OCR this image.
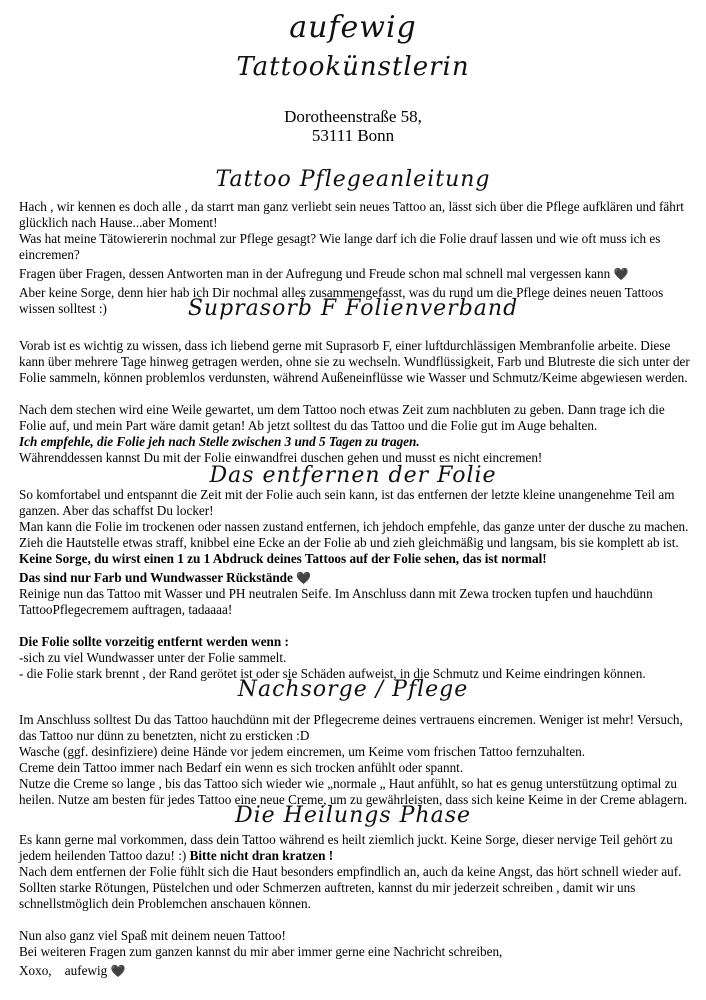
aufewig
Tattookünstlerin
Dorotheenstraße 58,
53111 Bonn
Tattoo Pflegeanleitung

Hach , wir kennen es doch alle , da starrt man ganz verliebt sein neues Tattoo an, lässt sich über die Pflege aufklären und fährt glücklich nach Hause...aber Moment!

Was hat meine Tätowiererin nochmal zur Pflege gesagt? Wie lange darf ich die Folie drauf lassen und wie oft muss ich es eincremen?

Fragen über Fragen, dessen Antworten man in der Aufregung und Freude schon mal schnell mal vergessen kann 🖤

Aber keine Sorge, denn hier hab ich Dir nochmal alles zusammengefasst, was du rund um die Pflege deines neuen Tattoos wissen solltest :)	Suprasorb F Folienverband

Vorab ist es wichtig zu wissen, dass ich liebend gerne mit Suprasorb F, einer luftdurchlässigen Membranfolie arbeite. Diese kann über mehrere Tage hinweg getragen werden, ohne sie zu wechseln. Wundflüssigkeit, Farb und Blutreste die sich unter der Folie sammeln, können problemlos verdunsten, während Außeneinflüsse wie Wasser und Schmutz/Keime abgewiesen werden.

Nach dem stechen wird eine Weile gewartet, um dem Tattoo noch etwas Zeit zum nachbluten zu geben. Dann trage ich die Folie auf, und mein Part wäre damit getan! Ab jetzt solltest du das Tattoo und die Folie gut im Auge behalten.

Ich empfehle, die Folie jeh nach Stelle zwischen 3 und 5 Tagen zu tragen.

Währenddessen kannst Du mit der Folie einwandfrei duschen gehen und musst es nicht eincremen!

Das entfernen der Folie

So komfortabel und entspannt die Zeit mit der Folie auch sein kann, ist das entfernen der letzte kleine unangenehme Teil am ganzen. Aber das schaffst Du locker!

Man kann die Folie im trockenen oder nassen zustand entfernen, ich jehdoch empfehle, das ganze unter der dusche zu machen. Zieh die Hautstelle etwas straff, knibbel eine Ecke an der Folie ab und zieh gleichmäßig und langsam, bis sie komplett ab ist.

Keine Sorge, du wirst einen 1 zu 1 Abdruck deines Tattoos auf der Folie sehen, das ist normal!

Das sind nur Farb und Wundwasser Rückstände 🖤

Reinige nun das Tattoo mit Wasser und PH neutralen Seife. Im Anschluss dann mit Zewa trocken tupfen und hauchdünn TattooPflegecremem auftragen, tadaaaa!

Die Folie sollte vorzeitig entfernt werden wenn :

-sich zu viel Wundwasser unter der Folie sammelt.

- die Folie stark brennt , der Rand gerötet ist oder sie Schäden aufweist, in die Schmutz und Keime eindringen können.

Nachsorge / Pflege

Im Anschluss solltest Du das Tattoo hauchdünn mit der Pflegecreme deines vertrauens eincremen. Weniger ist mehr! Versuch, das Tattoo nur dünn zu benetzten, nicht zu ersticken :D

Wasche (ggf. desinfiziere) deine Hände vor jedem eincremen, um Keime vom frischen Tattoo fernzuhalten.

Creme dein Tattoo immer nach Bedarf ein wenn es sich trocken anfühlt oder spannt.

Nutze die Creme so lange , bis das Tattoo sich wieder wie „normale „ Haut anfühlt, so hat es genug unterstützung optimal zu heilen. Nutze am besten für jedes Tattoo eine neue Creme, um zu gewährleisten, dass sich keine Keime in der Creme ablagern.

Die Heilungs Phase

Es kann gerne mal vorkommen, dass dein Tattoo während es heilt ziemlich juckt. Keine Sorge, dieser nervige Teil gehört zu jedem heilenden Tattoo dazu! :) Bitte nicht dran kratzen !

Nach dem entfernen der Folie fühlt sich die Haut besonders empfindlich an, auch da keine Angst, das hört schnell wieder auf. Sollten starke Rötungen, Püstelchen und oder Schmerzen auftreten, kannst du mir jederzeit schreiben , damit wir uns schnellstmöglich dein Problemchen anschauen können.

Nun also ganz viel Spaß mit deinem neuen Tattoo!

Bei weiteren Fragen zum ganzen kannst du mir aber immer gerne eine Nachricht schreiben,

Xoxo, aufewig 🖤
